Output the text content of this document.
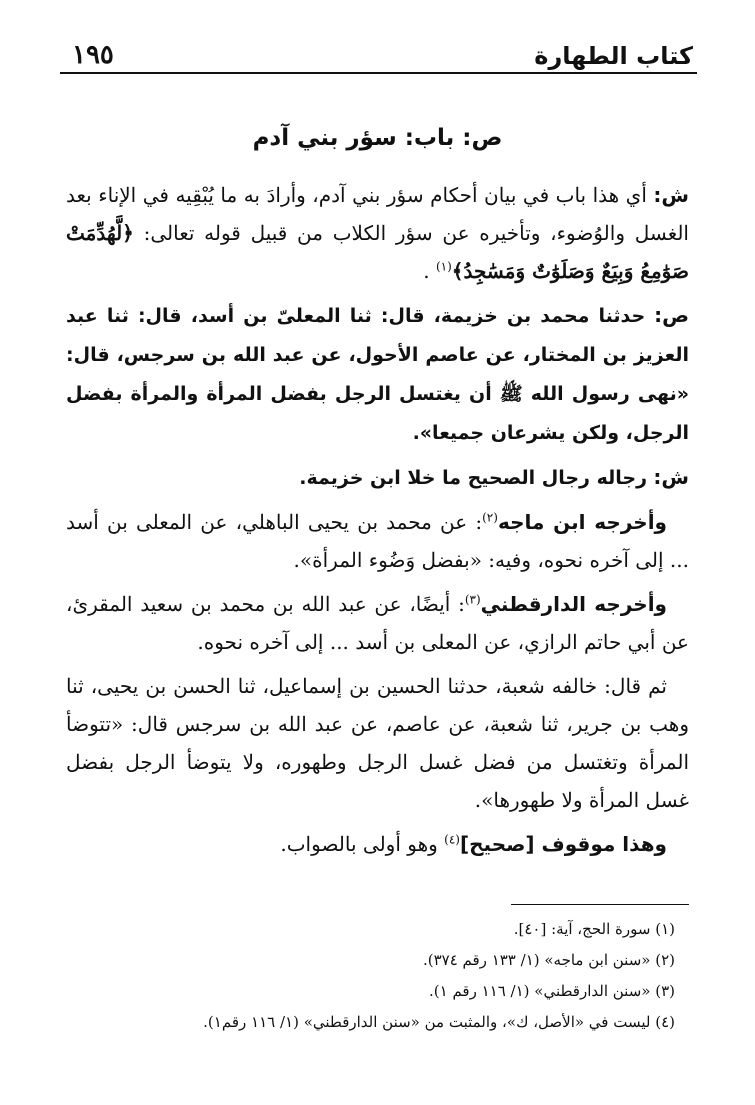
١٩٥	كتاب الطهارة
ص: باب: سؤر بني آدم

ش: أي هذا باب في بيان أحكام سؤر بني آدم، وأرادَ به ما يُبْقِيه في الإناء بعد الغسل والوُضوء، وتأخيره عن سؤر الكلاب من قبيل قوله تعالى: ﴿لَّهُدِّمَتْ صَوَٰمِعُ وَبِيَعٌ وَصَلَوَٰتٌ وَمَسَٰجِدُ﴾$^{(١)}$ .

ص: حدثنا محمد بن خزيمة، قال: ثنا المعلىّ بن أسد، قال: ثنا عبد العزيز بن المختار، عن عاصم الأحول، عن عبد الله بن سرجس، قال: «نهى رسول الله ﷺ أن يغتسل الرجل بفضل المرأة والمرأة بفضل الرجل، ولكن يشرعان جميعا».

ش: رجاله رجال الصحيح ما خلا ابن خزيمة.

وأخرجه ابن ماجه$^{(٢)}$: عن محمد بن يحيى الباهلي، عن المعلى بن أسد ... إلى آخره نحوه، وفيه: «بفضل وَضُوء المرأة».

وأخرجه الدارقطني$^{(٣)}$: أيضًا، عن عبد الله بن محمد بن سعيد المقرئ، عن أبي حاتم الرازي، عن المعلى بن أسد ... إلى آخره نحوه.

ثم قال: خالفه شعبة، حدثنا الحسين بن إسماعيل، ثنا الحسن بن يحيى، ثنا وهب بن جرير، ثنا شعبة، عن عاصم، عن عبد الله بن سرجس قال: «تتوضأ المرأة وتغتسل من فضل غسل الرجل وطهوره، ولا يتوضأ الرجل بفضل غسل المرأة ولا طهورها».

وهذا موقوف [صحيح]$^{(٤)}$ وهو أولى بالصواب.

(١) سورة الحج، آية: [٤٠].
(٢) «سنن ابن ماجه» (١/ ١٣٣ رقم ٣٧٤).
(٣) «سنن الدارقطني» (١/ ١١٦ رقم ١).
(٤) ليست في «الأصل، ك»، والمثبت من «سنن الدارقطني» (١/ ١١٦ رقم١).
